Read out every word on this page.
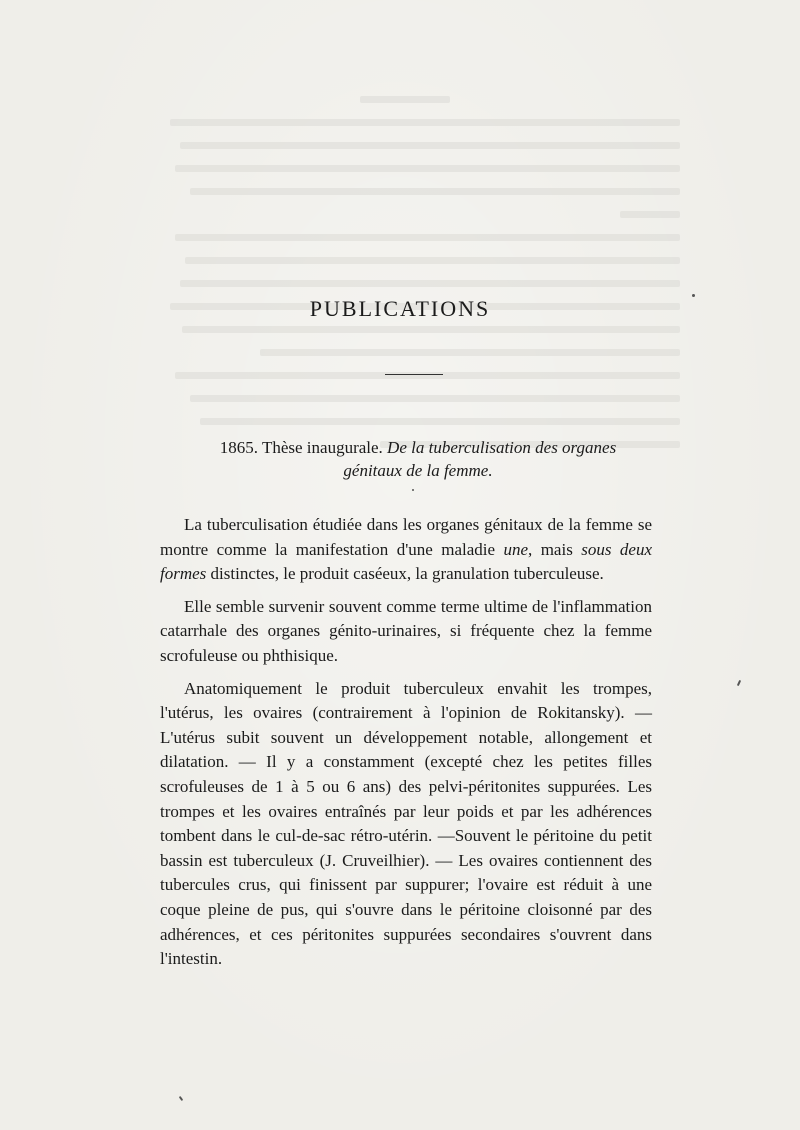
PUBLICATIONS
1865. Thèse inaugurale. De la tuberculisation des organes
génitaux de la femme.

La tuberculisation étudiée dans les organes génitaux de la femme se montre comme la manifestation d'une maladie une, mais sous deux formes distinctes, le produit caséeux, la granulation tuberculeuse.

Elle semble survenir souvent comme terme ultime de l'inflammation catarrhale des organes génito-urinaires, si fréquente chez la femme scrofuleuse ou phthisique.

Anatomiquement le produit tuberculeux envahit les trompes, l'utérus, les ovaires (contrairement à l'opinion de Rokitansky). — L'utérus subit souvent un développement notable, allongement et dilatation. — Il y a constamment (excepté chez les petites filles scrofuleuses de 1 à 5 ou 6 ans) des pelvi-péritonites suppurées. Les trompes et les ovaires entraînés par leur poids et par les adhérences tombent dans le cul-de-sac rétro-utérin. —Souvent le péritoine du petit bassin est tuberculeux (J. Cruveilhier). — Les ovaires contiennent des tubercules crus, qui finissent par suppurer; l'ovaire est réduit à une coque pleine de pus, qui s'ouvre dans le péritoine cloisonné par des adhérences, et ces péritonites suppurées secondaires s'ouvrent dans l'intestin.
